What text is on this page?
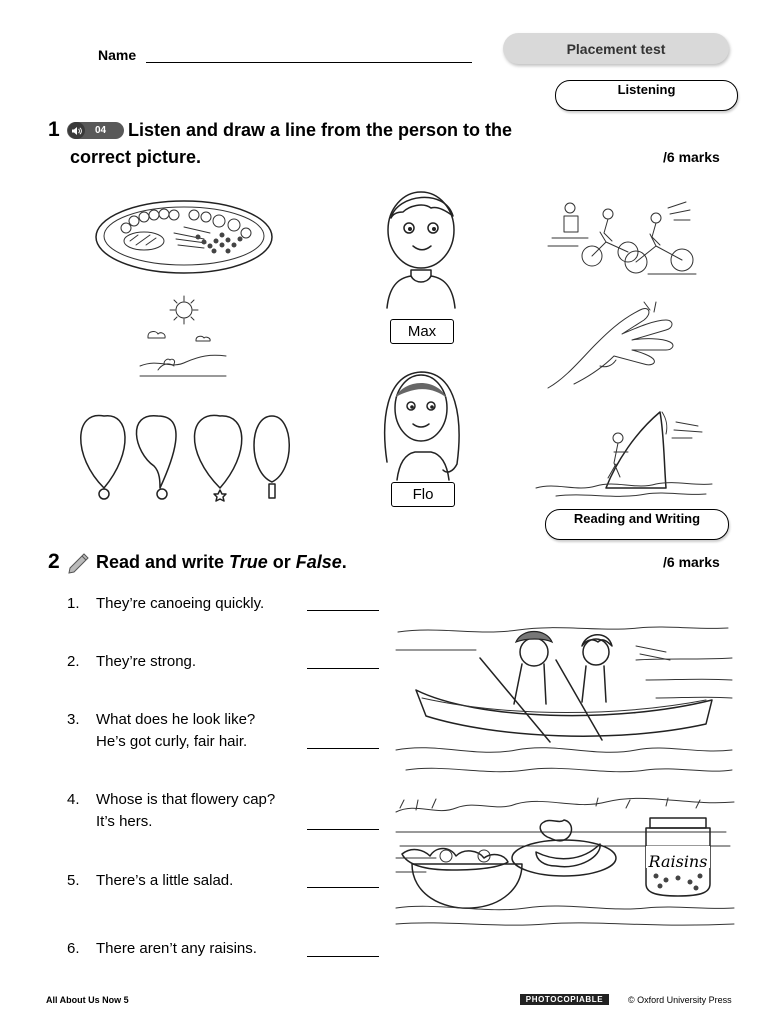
Name	Placement test
Listening
1	04 Listen and draw a line from the person to the
correct picture.	/6 marks
Max
Flo
Reading and Writing
2 Read and write True or False.	/6 marks
1. They’re canoeing quickly.
2. They’re strong.
3. What does he look like?
He’s got curly, fair hair.
4. Whose is that flowery cap?
It’s hers.
5. There’s a little salad.
6. There aren’t any raisins.
Raisins
All About Us Now 5	PHOTOCOPIABLE	© Oxford University Press
